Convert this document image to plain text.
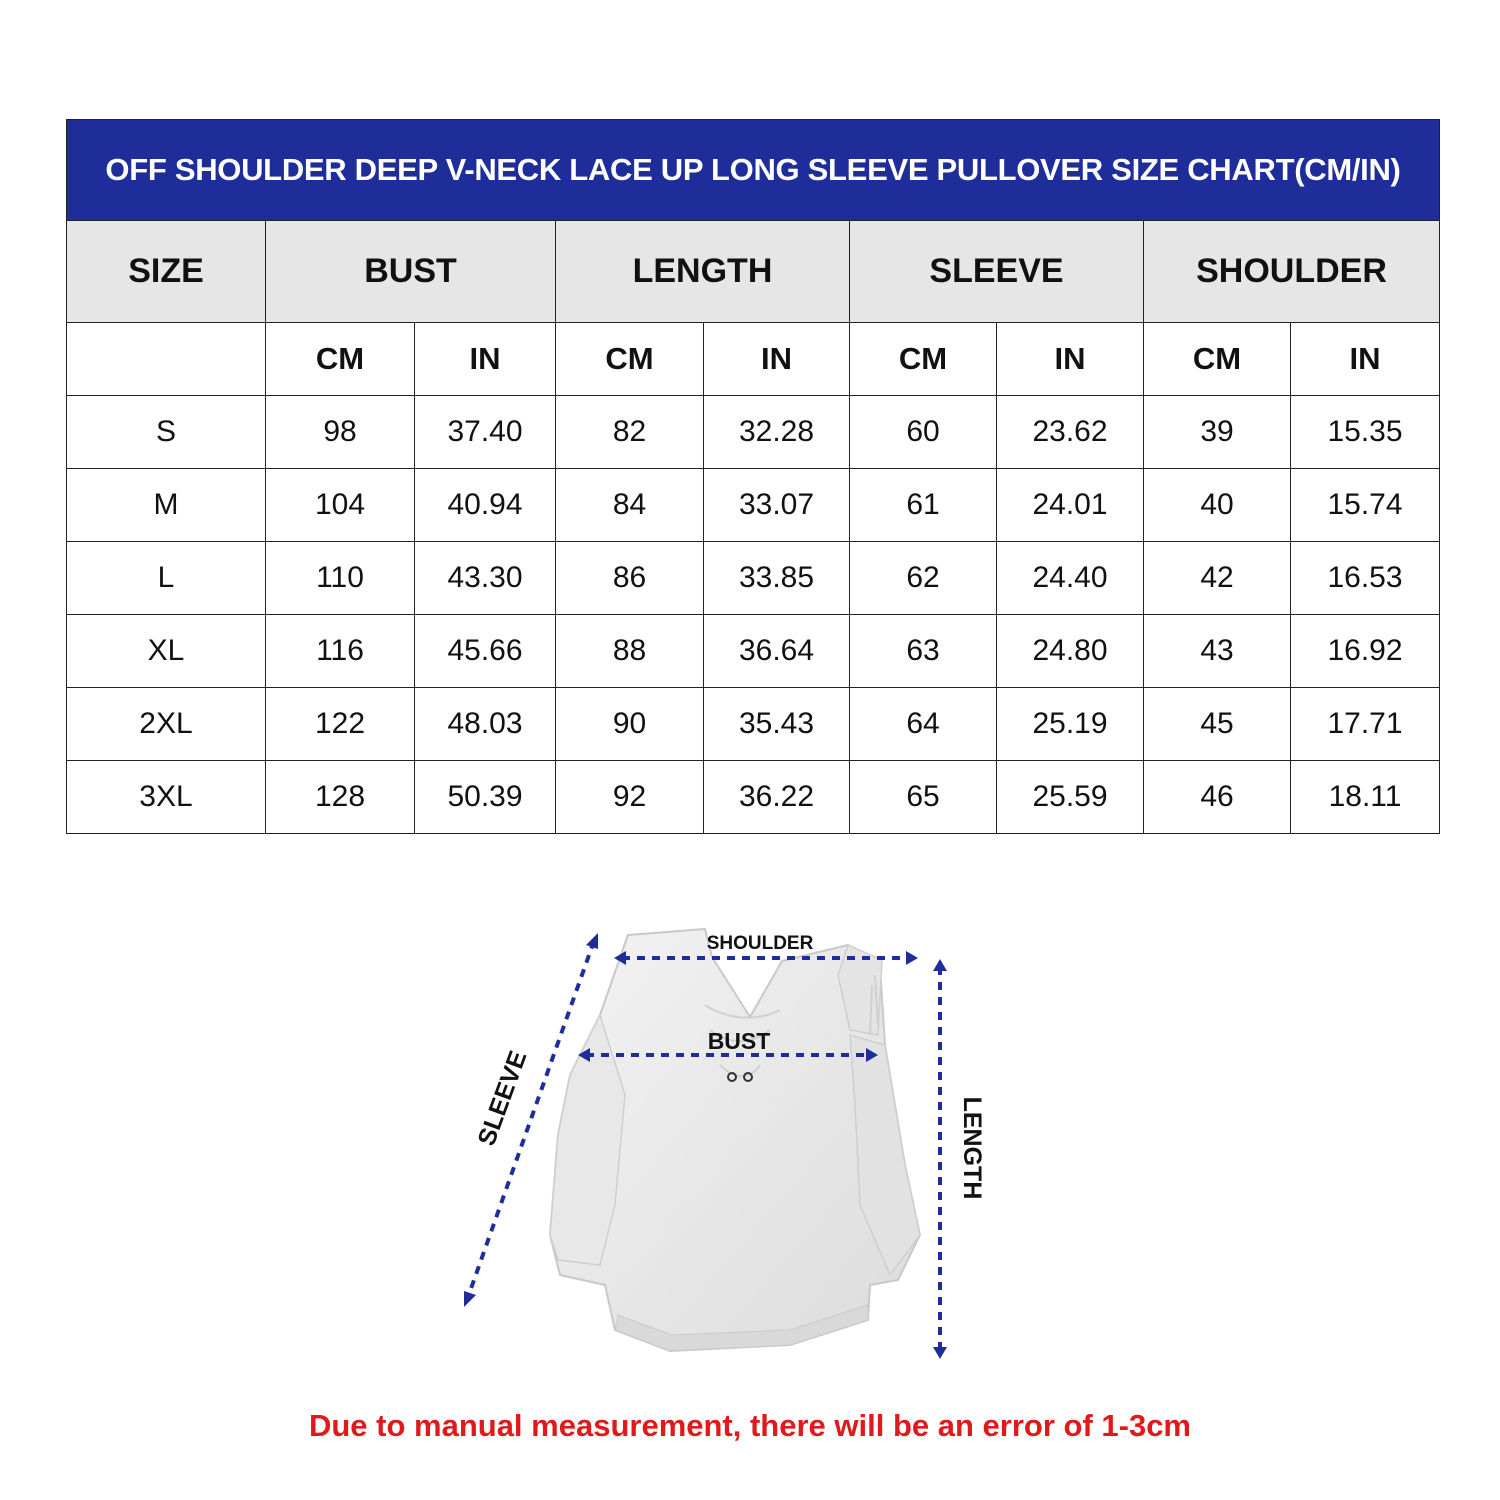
OFF SHOULDER DEEP V-NECK LACE UP LONG SLEEVE PULLOVER SIZE CHART(CM/IN)								
SIZE	BUST		LENGTH		SLEEVE		SHOULDER	
	CM	IN	CM	IN	CM	IN	CM	IN
S	98	37.40	82	32.28	60	23.62	39	15.35
M	104	40.94	84	33.07	61	24.01	40	15.74
L	110	43.30	86	33.85	62	24.40	42	16.53
XL	116	45.66	88	36.64	63	24.80	43	16.92
2XL	122	48.03	90	35.43	64	25.19	45	17.71
3XL	128	50.39	92	36.22	65	25.59	46	18.11
SHOULDER
BUST
SLEEVE	LENGTH
Due to manual measurement, there will be an error of 1-3cm
